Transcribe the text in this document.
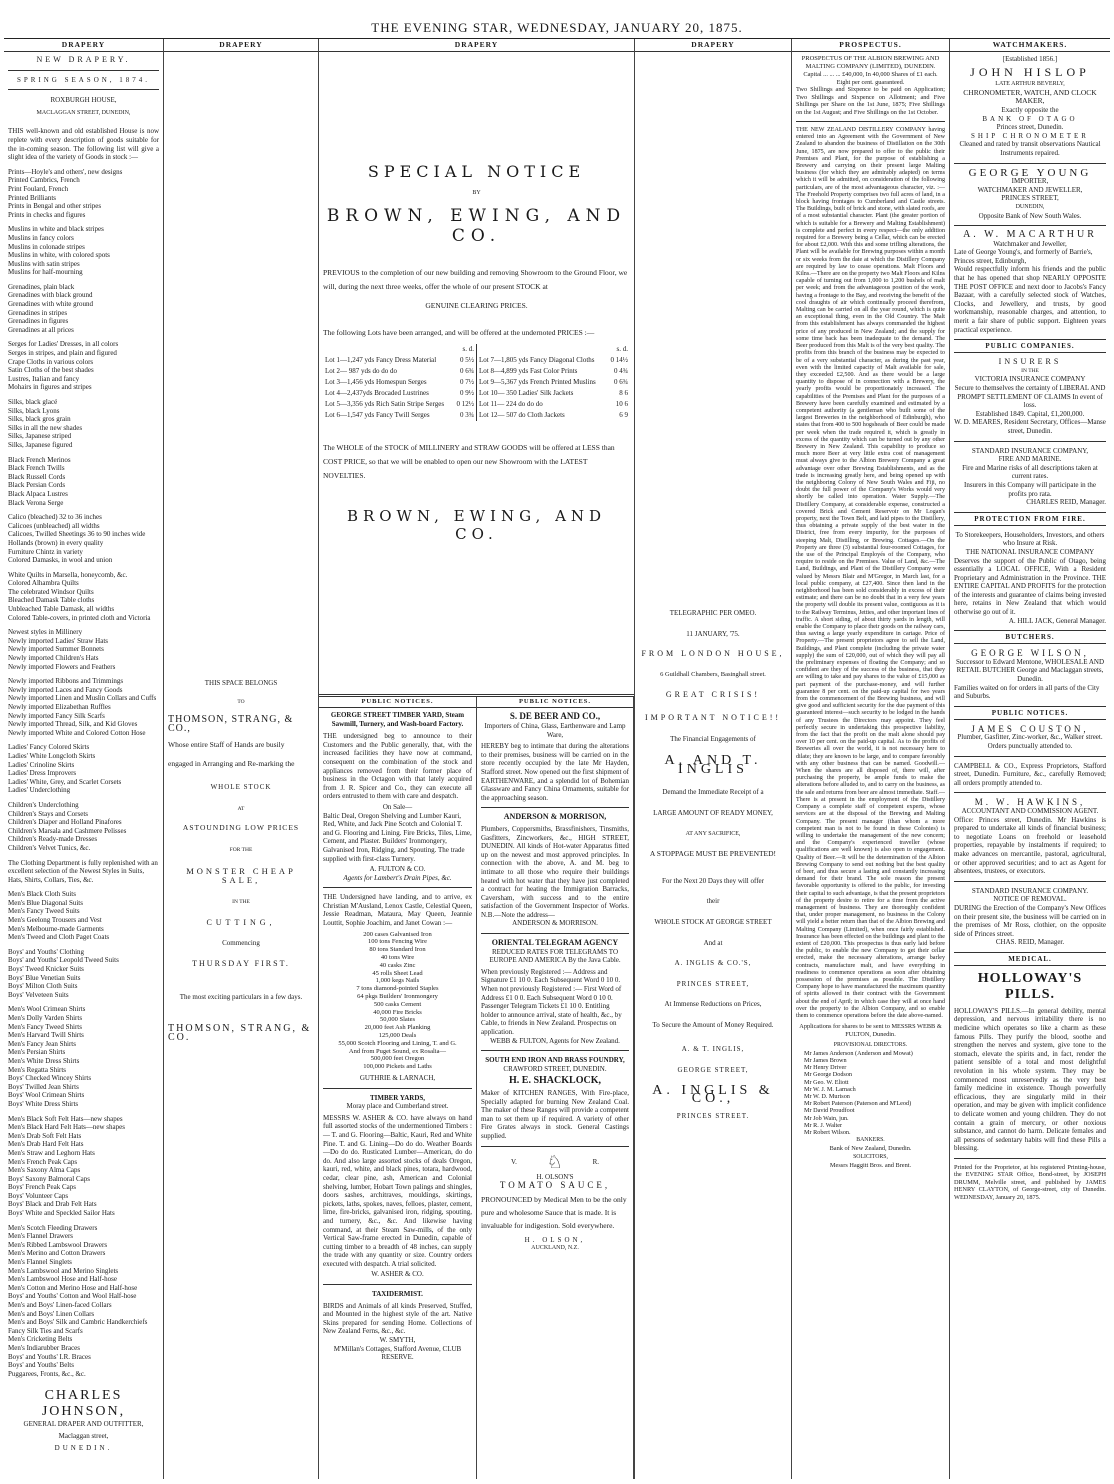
THE EVENING STAR, WEDNESDAY, JANUARY 20, 1875.
DRAPERY

NEW DRAPERY.

SPRING SEASON, 1874.

ROXBURGH HOUSE,

MACLAGGAN STREET, DUNEDIN,

THIS well-known and old established House is now replete with every description of goods suitable for the in-coming season. The following list will give a slight idea of the variety of Goods in stock :—

Prints—Hoyle's and others', new designs

Printed Cambrics, French

Print Foulard, French

Printed Brilliants

Prints in Bengal and other stripes

Prints in checks and figures

Muslins in white and black stripes

Muslins in fancy colors

Muslins in colonade stripes

Muslins in white, with colored spots

Muslins with satin stripes

Muslins for half-mourning

Grenadines, plain black

Grenadines with black ground

Grenadines with white ground

Grenadines in stripes

Grenadines in figures

Grenadines at all prices

Serges for Ladies' Dresses, in all colors

Serges in stripes, and plain and figured

Crape Cloths in various colors

Satin Cloths of the best shades

Lustres, Italian and fancy

Mohairs in figures and stripes

Silks, black glacé

Silks, black Lyons

Silks, black gros grain

Silks in all the new shades

Silks, Japanese striped

Silks, Japanese figured

Black French Merinos

Black French Twills

Black Russell Cords

Black Persian Cords

Black Alpaca Lustres

Black Verona Serge

Calico (bleached) 32 to 36 inches

Calicoes (unbleached) all widths

Calicoes, Twilled Sheetings 36 to 90 inches wide

Hollands (brown) in every quality

Furniture Chintz in variety

Colored Damasks, in wool and union

White Quilts in Marsella, honeycomb, &c.

Colored Alhambra Quilts

The celebrated Windsor Quilts

Bleached Damask Table cloths

Unbleached Table Damask, all widths

Colored Table-covers, in printed cloth and Victoria

Newest styles in Millinery

Newly imported Ladies' Straw Hats

Newly imported Summer Bonnets

Newly imported Children's Hats

Newly imported Flowers and Feathers

Newly imported Ribbons and Trimmings

Newly imported Laces and Fancy Goods

Newly imported Linen and Muslin Collars and Cuffs

Newly imported Elizabethan Ruffles

Newly imported Fancy Silk Scarfs

Newly imported Thread, Silk, and Kid Gloves

Newly imported White and Colored Cotton Hose

Ladies' Fancy Colored Skirts

Ladies' White Longcloth Skirts

Ladies' Crinoline Skirts

Ladies' Dress Improvers

Ladies' White, Grey, and Scarlet Corsets

Ladies' Underclothing

Children's Underclothing

Children's Stays and Corsets

Children's Diaper and Holland Pinafores

Children's Marsala and Cashmere Pelisses

Children's Ready-made Dresses

Children's Velvet Tunics, &c.

The Clothing Department is fully replenished with an excellent selection of the Newest Styles in Suits, Hats, Shirts, Collars, Ties, &c.

Men's Black Cloth Suits

Men's Blue Diagonal Suits

Men's Fancy Tweed Suits

Men's Geelong Trousers and Vest

Men's Melbourne-made Garments

Men's Tweed and Cloth Paget Coats

Boys' and Youths' Clothing

Boys' and Youths' Leopold Tweed Suits

Boys' Tweed Knicker Suits

Boys' Blue Venetian Suits

Boys' Milton Cloth Suits

Boys' Velveteen Suits

Men's Wool Crimean Shirts

Men's Dolly Varden Shirts

Men's Fancy Tweed Shirts

Men's Harvard Twill Shirts

Men's Fancy Jean Shirts

Men's Persian Shirts

Men's White Dress Shirts

Men's Regatta Shirts

Boys' Checked Wincey Shirts

Boys' Twilled Jean Shirts

Boys' Wool Crimean Shirts

Boys' White Dress Shirts

Men's Black Soft Felt Hats—new shapes

Men's Black Hard Felt Hats—new shapes

Men's Drab Soft Felt Hats

Men's Drab Hard Felt Hats

Men's Straw and Leghorn Hats

Men's French Peak Caps

Men's Saxony Alma Caps

Boys' Saxony Balmoral Caps

Boys' French Peak Caps

Boys' Volunteer Caps

Boys' Black and Drab Felt Hats

Boys' White and Speckled Sailor Hats

Men's Scotch Fleeding Drawers

Men's Flannel Drawers

Men's Ribbed Lambswool Drawers

Men's Merino and Cotton Drawers

Men's Flannel Singlets

Men's Lambswool and Merino Singlets

Men's Lambswool Hose and Half-hose

Men's Cotton and Merino Hose and Half-hose

Boys' and Youths' Cotton and Wool Half-hose

Men's and Boys' Linen-faced Collars

Men's and Boys' Linen Collars

Men's and Boys' Silk and Cambric Handkerchiefs

Fancy Silk Ties and Scarfs

Men's Cricketing Belts

Men's Indiarubber Braces

Boys' and Youths' I.R. Braces

Boys' and Youths' Belts

Puggarees, Fronts, &c., &c.

CHARLES JOHNSON,

GENERAL DRAPER AND OUTFITTER,

Maclaggan street,

DUNEDIN.

DRAPERY

THIS SPACE BELONGS

TO

THOMSON, STRANG, & CO.,

Whose entire Staff of Hands are busily

engaged in Arranging and Re-marking the

WHOLE STOCK

AT

ASTOUNDING LOW PRICES

FOR THE

MONSTER CHEAP SALE,

IN THE

CUTTING,

Commencing

THURSDAY FIRST.

The most exciting particulars in a few days.

THOMSON, STRANG, & CO.

DRAPERY

SPECIAL NOTICE

BY

BROWN, EWING, AND CO.

PREVIOUS to the completion of our new building and removing Showroom to the Ground Floor, we will, during the next three weeks, offer the whole of our present STOCK at

GENUINE CLEARING PRICES.

The following Lots have been arranged, and will be offered at the undernoted PRICES :—

	s. d.
Lot 1—1,247 yds Fancy Dress Material	0 5½
Lot 2— 987 yds do do do	0 6¾
Lot 3—1,456 yds Homespun Serges	0 7½
Lot 4—2,437yds Brocaded Lustrines	0 9½
Lot 5—3,356 yds Rich Satin Stripe Serges	0 12½
Lot 6—1,547 yds Fancy Twill Serges	0 3¾
	s. d.
Lot 7—1,805 yds Fancy Diagonal Cloths	0 14½
Lot 8—4,899 yds Fast Color Prints	0 4¾
Lot 9—5,367 yds French Printed Muslins	0 6¾
Lot 10— 350 Ladies' Silk Jackets	8 6
Lot 11— 224 do do do	10 6
Lot 12— 507 do Cloth Jackets	6 9

The WHOLE of the STOCK of MILLINERY and STRAW GOODS will be offered at LESS than COST PRICE, so that we will be enabled to open our new Showroom with the LATEST NOVELTIES.

BROWN, EWING, AND CO.

PUBLIC NOTICES.

GEORGE STREET TIMBER YARD, Steam Sawmill, Turnery, and Wash-board Factory.

THE undersigned beg to announce to their Customers and the Public generally, that, with the increased facilities they have now at command, consequent on the combination of the stock and appliances removed from their former place of business in the Octagon with that lately acquired from J. R. Spicer and Co., they can execute all orders entrusted to them with care and despatch.

On Sale—

Baltic Deal, Oregon Shelving and Lumber Kauri, Red, White, and Jack Pine Scotch and Colonial T. and G. Flooring and Lining. Fire Bricks, Tiles, Lime, Cement, and Plaster. Builders' Ironmongery, Galvanised Iron, Ridging, and Spouting. The trade supplied with first-class Turnery.

A. FULTON & CO.

Agents for Lambert's Drain Pipes, &c.

THE Undersigned have landing, and to arrive, ex Christian M'Ausland, Lenox Castle, Celestial Queen, Jessie Readman, Mataura, May Queen, Jeannie Louttit, Sophie Joachim, and Janet Cowan :—

200 cases Galvanised Iron

100 tons Fencing Wire

80 tons Standard Iron

40 tons Wire

40 casks Zinc

45 rolls Sheet Lead

1,000 kegs Nails

7 tons diamond-pointed Staples

64 pkgs Builders' Ironmongery

500 casks Cement

40,000 Fire Bricks

50,000 Slates

20,000 feet Ash Planking

125,000 Deals

55,000 Scotch Flooring and Lining, T. and G.

And from Puget Sound, ex Rosalia—

500,000 feet Oregon

100,000 Pickets and Laths

GUTHRIE & LARNACH,

TIMBER YARDS,

Moray place and Cumberland street.

MESSRS W. ASHER & CO. have always on hand full assorted stocks of the undermentioned Timbers :— T. and G. Flooring—Baltic, Kauri, Red and White Pine. T. and G. Lining—Do do do. Weather Boards—Do do do. Rusticated Lumber—American, do do do. And also large assorted stocks of deals Oregon, kauri, red, white, and black pines, totara, hardwood, cedar, clear pine, ash, American and Colonial shelving, lumber, Hobart Town palings and shingles, doors sashes, architraves, mouldings, skirtings, pickets, laths, spokes, naves, felloes, plaster, cement, lime, fire-bricks, galvanised iron, ridging, spouting, and turnery, &c., &c. And likewise having command, at their Steam Saw-mills, of the only Vertical Saw-frame erected in Dunedin, capable of cutting timber to a breadth of 48 inches, can supply the trade with any quantity or size. Country orders executed with despatch. A trial solicited.

W. ASHER & CO.

TAXIDERMIST.

BIRDS and Animals of all kinds Preserved, Stuffed, and Mounted in the highest style of the art. Native Skins prepared for sending Home. Collections of New Zealand Ferns, &c., &c.

W. SMYTH,

M'Millan's Cottages, Stafford Avenue, CLUB RESERVE.

PUBLIC NOTICES.

S. DE BEER AND CO.,

Importers of China, Glass, Earthenware and Lamp Ware,

HEREBY beg to intimate that during the alterations to their premises, business will be carried on in the store recently occupied by the late Mr Hayden, Stafford street. Now opened out the first shipment of EARTHENWARE, and a splendid lot of Bohemian Glassware and Fancy China Ornaments, suitable for the approaching season.

ANDERSON & MORRISON,

Plumbers, Coppersmiths, Brassfinishers, Tinsmiths, Gasfitters, Zincworkers, &c., HIGH STREET, DUNEDIN. All kinds of Hot-water Apparatus fitted up on the newest and most approved principles. In connection with the above, A. and M. beg to intimate to all those who require their buildings heated with hot water that they have just completed a contract for heating the Immigration Barracks, Caversham, with success and to the entire satisfaction of the Government Inspector of Works. N.B.—Note the address—

ANDERSON & MORRISON.

ORIENTAL TELEGRAM AGENCY

REDUCED RATES FOR TELEGRAMS TO EUROPE AND AMERICA By the Java Cable.

When previously Registered :— Address and Signature £1 10 0. Each Subsequent Word 0 10 0. When not previously Registered :— First Word of Address £1 0 0. Each Subsequent Word 0 10 0. Passenger Telegram Tickets £1 10 0. Entitling holder to announce arrival, state of health, &c., by Cable, to friends in New Zealand. Prospectus on application.

WEBB & FULTON, Agents for New Zealand.

SOUTH END IRON AND BRASS FOUNDRY,

CRAWFORD STREET, DUNEDIN.

H. E. SHACKLOCK,

Maker of KITCHEN RANGES, With Fire-place, Specially adapted for burning New Zealand Coal. The maker of these Ranges will provide a competent man to set them up if required. A variety of other Fire Grates always in stock. General Castings supplied.

V. ♘	R.

H. OLSON'S

TOMATO SAUCE,

PRONOUNCED by Medical Men to be the only pure and wholesome Sauce that is made. It is invaluable for indigestion. Sold everywhere.

H. OLSON,

AUCKLAND, N.Z.

DRAPERY

TELEGRAPHIC PER OMEO.

11 JANUARY, '75.

FROM LONDON HOUSE,

6 Guildhall Chambers, Basinghall street.

GREAT CRISIS!

IMPORTANT NOTICE!!

The Financial Engagements of

A. AND T. INGLIS

Demand the Immediate Receipt of a

LARGE AMOUNT OF READY MONEY,

AT ANY SACRIFICE,

A STOPPAGE MUST BE PREVENTED!

For the Next 20 Days they will offer

their

WHOLE STOCK AT GEORGE STREET

And at

A. INGLIS & CO.'S,

PRINCES STREET,

At Immense Reductions on Prices,

To Secure the Amount of Money Required.

A. & T. INGLIS,

GEORGE STREET,

A. INGLIS & CO.,

PRINCES STREET.

PROSPECTUS.

PROSPECTUS OF THE ALBION BREWING AND MALTING COMPANY (LIMITED), DUNEDIN.

Capital ... ... ... £40,000, In 40,000 Shares of £1 each. Eight per cent. guaranteed.

Two Shillings and Sixpence to be paid on Application; Two Shillings and Sixpence on Allotment; and Five Shillings per Share on the 1st June, 1875; Five Shillings on the 1st August; and Five Shillings on the 1st October.

THE NEW ZEALAND DISTILLERY COMPANY having entered into an Agreement with the Government of New Zealand to abandon the business of Distillation on the 30th June, 1875, are now prepared to offer to the public their Premises and Plant, for the purpose of establishing a Brewery and carrying on their present large Malting business (for which they are admirably adapted) on terms which it will be admitted, on consideration of the following particulars, are of the most advantageous character, viz. :— The Freehold Property comprises two full acres of land, in a block having frontages to Cumberland and Castle streets. The Buildings, built of brick and stone, with slated roofs, are of a most substantial character. Plant (the greater portion of which is suitable for a Brewery and Malting Establishment) is complete and perfect in every respect—the only addition required for a Brewery being a Cellar, which can be erected for about £2,000. With this and some trifling alterations, the Plant will be available for Brewing purposes within a month or six weeks from the date at which the Distillery Company are required by law to cease operations. Malt Floors and Kilns.—There are on the property two Malt Floors and Kilns capable of turning out from 1,000 to 1,200 bushels of malt per week; and from the advantageous position of the work, having a frontage to the Bay, and receiving the benefit of the cool draughts of air which continually proceed therefrom, Malting can be carried on all the year round, which is quite an exceptional thing, even in the Old Country. The Malt from this establishment has always commanded the highest price of any produced in New Zealand; and the supply for some time back has been inadequate to the demand. The Beer produced from this Malt is of the very best quality. The profits from this branch of the business may be expected to be of a very substantial character, as during the past year, even with the limited capacity of Malt available for sale, they exceeded £2,500. And as there would be a large quantity to dispose of in connection with a Brewery, the yearly profits would be proportionately increased. The capabilities of the Premises and Plant for the purposes of a Brewery have been carefully examined and estimated by a competent authority (a gentleman who built some of the largest Breweries in the neighborhood of Edinburgh), who states that from 400 to 500 hogsheads of Beer could be made per week when the trade required it, which is greatly in excess of the quantity which can be turned out by any other Brewery in New Zealand. This capability to produce so much more Beer at very little extra cost of management must always give to the Albion Brewery Company a great advantage over other Brewing Establishments, and as the trade is increasing greatly here, and being opened up with the neighboring Colony of New South Wales and Fiji, no doubt the full power of the Company's Works would very shortly be called into operation. Water Supply.—The Distillery Company, at considerable expense, constructed a covered Brick and Cement Reservoir on Mr Logan's property, next the Town Belt, and laid pipes to the Distillery, thus obtaining a private supply of the best water in the District, free from every impurity, for the purposes of steeping Malt, Distilling, or Brewing. Cottages.—On the Property are three (3) substantial four-roomed Cottages, for the use of the Principal Employés of the Company, who require to reside on the Premises. Value of Land, &c.—The Land, Buildings, and Plant of the Distillery Company were valued by Messrs Blair and M'Gregor, in March last, for a local public company, at £27,400. Since then land in the neighborhood has been sold considerably in excess of their estimate; and there can be no doubt that in a very few years the property will double its present value, contiguous as it is to the Railway Terminus, Jetties, and other important lines of traffic. A short siding, of about thirty yards in length, will enable the Company to place their goods on the railway cars, thus saving a large yearly expenditure in cartage. Price of Property.—The present proprietors agree to sell the Land, Buildings, and Plant complete (including the private water supply) the sum of £20,000, out of which they will pay all the preliminary expenses of floating the Company; and so confident are they of the success of the business, that they are willing to take and pay shares to the value of £15,000 as part payment of the purchase-money, and will further guarantee 8 per cent. on the paid-up capital for two years from the commencement of the Brewing business, and will give good and sufficient security for the due payment of this guaranteed interest—such security to be lodged in the hands of any Trustees the Directors may appoint. They feel perfectly secure in undertaking this prospective liability, from the fact that the profit on the malt alone should pay over 10 per cent. on the paid-up capital. As to the profits of Breweries all over the world, it is not necessary here to dilate; they are known to be large, and to compare favorably with any other business that can be named. Goodwill.—When the shares are all disposed of, there will, after purchasing the property, be ample funds to make the alterations before alluded to, and to carry on the business, as the sale and returns from beer are almost immediate. Staff.—There is at present in the employment of the Distillery Company a complete staff of competent experts, whose services are at the disposal of the Brewing and Malting Company. The present manager (than whom a more competent man is not to be found in these Colonies) is willing to undertake the management of the new concern; and the Company's experienced traveller (whose qualifications are well known) is also open to engagement. Quality of Beer.—It will be the determination of the Albion Brewing Company to send out nothing but the best quality of beer, and thus secure a lasting and constantly increasing demand for their brand. The sole reason the present favorable opportunity is offered to the public, for investing their capital to such advantage, is that the present proprietors of the property desire to retire for a time from the active management of business. They are thoroughly confident that, under proper management, no business in the Colony will yield a better return than that of the Albion Brewing and Malting Company (Limited), when once fairly established. Insurance has been effected on the buildings and plant to the extent of £20,000. This prospectus is thus early laid before the public, to enable the new Company to get their cellar erected, make the necessary alterations, arrange barley contracts, manufacture malt, and have everything in readiness to commence operations as soon after obtaining possession of the premises as possible. The Distillery Company hope to have manufactured the maximum quantity of spirits allowed in their contract with the Government about the end of April; in which case they will at once hand over the property to the Albion Company, and so enable them to commence operations before the date above-named.

Applications for shares to be sent to MESSRS WEBB & FULTON, Dunedin.

PROVISIONAL DIRECTORS.

Mr James Anderson (Anderson and Mowat)

Mr James Brown

Mr Henry Driver

Mr George Dodson

Mr Geo. W. Eliott

Mr W. J. M. Larnach

Mr W. D. Murison

Mr Robert Paterson (Paterson and M'Leod)

Mr David Proudfoot

Mr Job Wain, jun.

Mr R. J. Walter

Mr Robert Wilson.

BANKERS.

Bank of New Zealand, Dunedin.

SOLICITORS,

Messrs Haggitt Bros. and Brent.

WATCHMAKERS.

[Established 1856.]

JOHN HISLOP

LATE ARTHUR BEVERLY,

CHRONOMETER, WATCH, AND CLOCK MAKER,

Exactly opposite the

BANK OF OTAGO

Princes street, Dunedin.

SHIP CHRONOMETER

Cleaned and rated by transit observations Nautical Instruments repaired.

GEORGE YOUNG

IMPORTER,

WATCHMAKER AND JEWELLER,

PRINCES STREET,

DUNEDIN,

Opposite Bank of New South Wales.

A. W. MACARTHUR

Watchmaker and Jeweller,

Late of George Young's, and formerly of Barrie's, Princes street, Edinburgh,

Would respectfully inform his friends and the public that he has opened that shop NEARLY OPPOSITE THE POST OFFICE and next door to Jacobs's Fancy Bazaar, with a carefully selected stock of Watches, Clocks, and Jewellery, and trusts, by good workmanship, reasonable charges, and attention, to merit a fair share of public support. Eighteen years practical experience.

PUBLIC COMPANIES.

INSURERS

IN THE

VICTORIA INSURANCE COMPANY

Secure to themselves the certainty of LIBERAL AND PROMPT SETTLEMENT OF CLAIMS In event of loss.

Established 1849. Capital, £1,200,000.

W. D. MEARES, Resident Secretary, Offices—Manse street, Dunedin.

STANDARD INSURANCE COMPANY,

FIRE AND MARINE.

Fire and Marine risks of all descriptions taken at current rates.

Insurers in this Company will participate in the profits pro rata.

CHARLES REID, Manager.

PROTECTION FROM FIRE.

To Storekeepers, Householders, Investors, and others who Insure at Risk.

THE NATIONAL INSURANCE COMPANY

Deserves the support of the Public of Otago, being essentially a LOCAL OFFICE, With a Resident Proprietary and Administration in the Province. THE ENTIRE CAPITAL AND PROFITS for the protection of the interests and guarantee of claims being invested here, retains in New Zealand that which would otherwise go out of it.

A. HILL JACK, General Manager.

BUTCHERS.

GEORGE WILSON,

Successor to Edward Mentone, WHOLESALE AND RETAIL BUTCHER George and Maclaggan streets, Dunedin.

Families waited on for orders in all parts of the City and Suburbs.

PUBLIC NOTICES.

JAMES COUSTON,

Plumber, Gasfitter, Zinc-worker, &c., Walker street. Orders punctually attended to.

CAMPBELL & CO., Express Proprietors, Stafford street, Dunedin. Furniture, &c., carefully Removed; all orders promptly attended to.

M. W. HAWKINS,

ACCOUNTANT AND COMMISSION AGENT.

Office: Princes street, Dunedin. Mr Hawkins is prepared to undertake all kinds of financial business; to negotiate Loans on freehold or leasehold properties, repayable by instalments if required; to make advances on mercantile, pastoral, agricultural, or other approved securities; and to act as Agent for absentees, trustees, or executors.

STANDARD INSURANCE COMPANY.

NOTICE OF REMOVAL.

DURING the Erection of the Company's New Offices on their present site, the business will be carried on in the premises of Mr Ross, clothier, on the opposite side of Princes street.

CHAS. REID, Manager.

MEDICAL.

HOLLOWAY'S PILLS.

HOLLOWAY'S PILLS.—In general debility, mental depression, and nervous irritability there is no medicine which operates so like a charm as these famous Pills. They purify the blood, soothe and strengthen the nerves and system, give tone to the stomach, elevate the spirits and, in fact, render the patient sensible of a total and most delightful revolution in his whole system. They may be commenced most unreservedly as the very best family medicine in existence. Though powerfully efficacious, they are singularly mild in their operation, and may be given with implicit confidence to delicate women and young children. They do not contain a grain of mercury, or other noxious substance, and cannot do harm. Delicate females and all persons of sedentary habits will find these Pills a blessing.

Printed for the Proprietor, at his registered Printing-house, the EVENING STAR Office, Bond-street, by JOSEPH DRUMM, Melville street, and published by JAMES HENRY CLAYTON, of George-street, city of Dunedin. WEDNESDAY, January 20, 1875.
